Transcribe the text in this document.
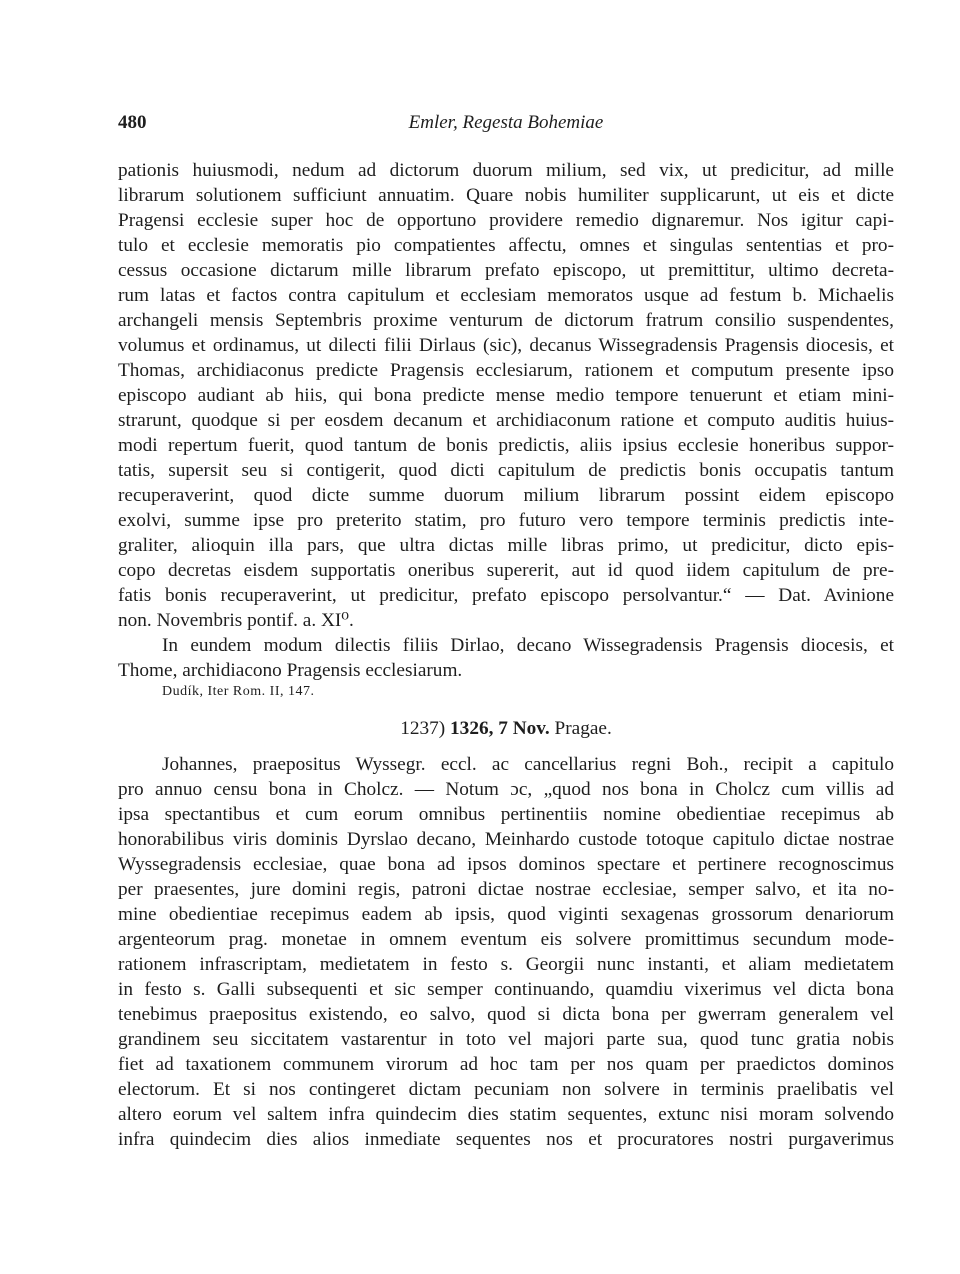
480	Emler, Regesta Bohemiae
pationis huiusmodi, nedum ad dictorum duorum milium, sed vix, ut predicitur, ad mille
librarum solutionem sufficiunt annuatim. Quare nobis humiliter supplicarunt, ut eis et dicte
Pragensi ecclesie super hoc de opportuno providere remedio dignaremur. Nos igitur capi-
tulo et ecclesie memoratis pio compatientes affectu, omnes et singulas sententias et pro-
cessus occasione dictarum mille librarum prefato episcopo, ut premittitur, ultimo decreta-
rum latas et factos contra capitulum et ecclesiam memoratos usque ad festum b. Michaelis
archangeli mensis Septembris proxime venturum de dictorum fratrum consilio suspendentes,
volumus et ordinamus, ut dilecti filii Dirlaus (sic), decanus Wissegradensis Pragensis diocesis, et
Thomas, archidiaconus predicte Pragensis ecclesiarum, rationem et computum presente ipso
episcopo audiant ab hiis, qui bona predicte mense medio tempore tenuerunt et etiam mini-
strarunt, quodque si per eosdem decanum et archidiaconum ratione et computo auditis huius-
modi repertum fuerit, quod tantum de bonis predictis, aliis ipsius ecclesie honeribus suppor-
tatis, supersit seu si contigerit, quod dicti capitulum de predictis bonis occupatis tantum
recuperaverint, quod dicte summe duorum milium librarum possint eidem episcopo
exolvi, summe ipse pro preterito statim, pro futuro vero tempore terminis predictis inte-
graliter, alioquin illa pars, que ultra dictas mille libras primo, ut predicitur, dicto epis-
copo decretas eisdem supportatis oneribus supererit, aut id quod iidem capitulum de pre-
fatis bonis recuperaverint, ut predicitur, prefato episcopo persolvantur.“ — Dat. Avinione
non. Novembris pontif. a. XI⁰.
In eundem modum dilectis filiis Dirlao, decano Wissegradensis Pragensis diocesis, et
Thome, archidiacono Pragensis ecclesiarum.
Dudík, Iter Rom. II, 147.
1237) 1326, 7 Nov. Pragae.
Johannes, praepositus Wyssegr. eccl. ac cancellarius regni Boh., recipit a capitulo
pro annuo censu bona in Cholcz. — Notum ɔc, „quod nos bona in Cholcz cum villis ad
ipsa spectantibus et cum eorum omnibus pertinentiis nomine obedientiae recepimus ab
honorabilibus viris dominis Dyrslao decano, Meinhardo custode totoque capitulo dictae nostrae
Wyssegradensis ecclesiae, quae bona ad ipsos dominos spectare et pertinere recognoscimus
per praesentes, jure domini regis, patroni dictae nostrae ecclesiae, semper salvo, et ita no-
mine obedientiae recepimus eadem ab ipsis, quod viginti sexagenas grossorum denariorum
argenteorum prag. monetae in omnem eventum eis solvere promittimus secundum mode-
rationem infrascriptam, medietatem in festo s. Georgii nunc instanti, et aliam medietatem
in festo s. Galli subsequenti et sic semper continuando, quamdiu vixerimus vel dicta bona
tenebimus praepositus existendo, eo salvo, quod si dicta bona per gwerram generalem vel
grandinem seu siccitatem vastarentur in toto vel majori parte sua, quod tunc gratia nobis
fiet ad taxationem communem virorum ad hoc tam per nos quam per praedictos dominos
electorum. Et si nos contingeret dictam pecuniam non solvere in terminis praelibatis vel
altero eorum vel saltem infra quindecim dies statim sequentes, extunc nisi moram solvendo
infra quindecim dies alios inmediate sequentes nos et procuratores nostri purgaverimus
